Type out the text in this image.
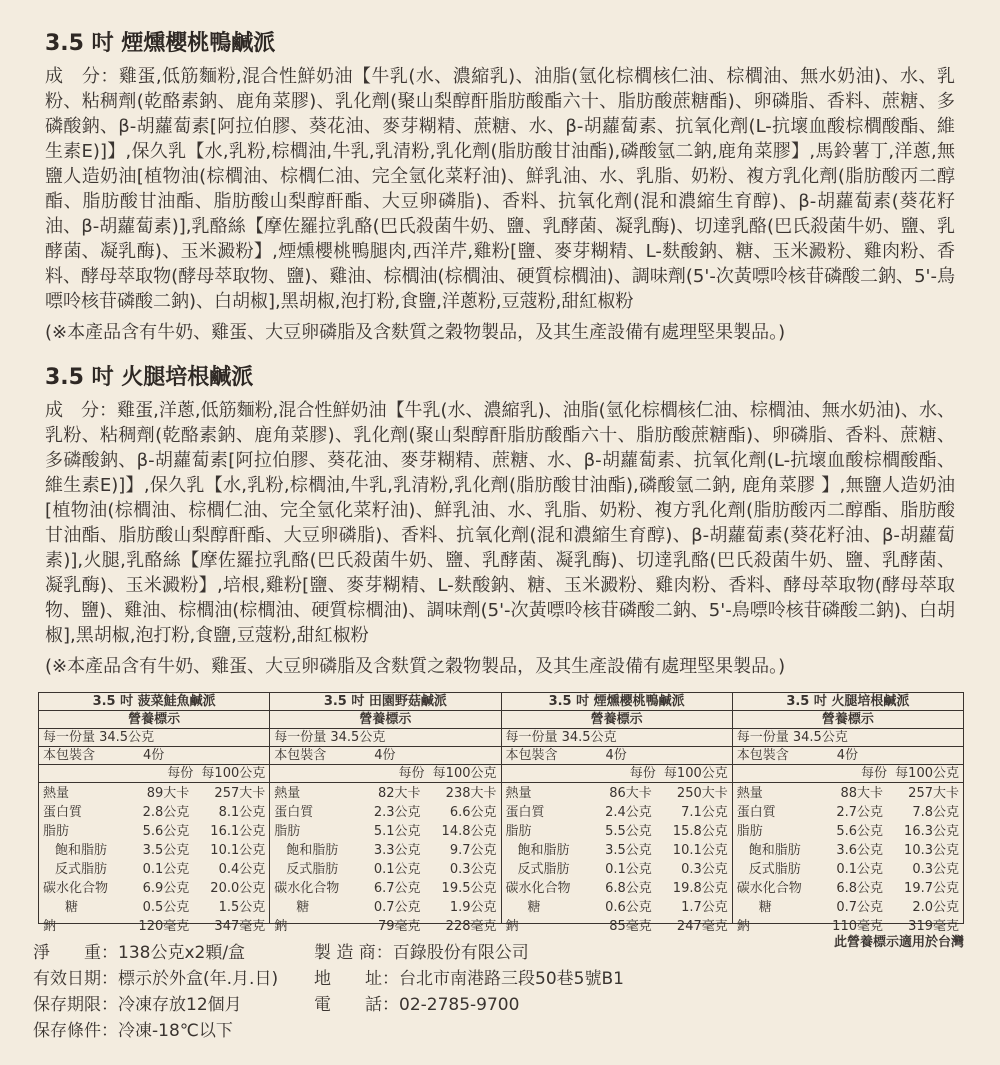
3.5 吋 煙燻櫻桃鴨鹹派

成　分：雞蛋,低筋麵粉,混合性鮮奶油【牛乳(水、濃縮乳)、油脂(氫化棕櫚核仁油、棕櫚油、無水奶油)、水、乳粉、粘稠劑(乾酪素鈉、鹿角菜膠)、乳化劑(聚山梨醇酐脂肪酸酯六十、脂肪酸蔗糖酯)、卵磷脂、香料、蔗糖、多磷酸鈉、β-胡蘿蔔素[阿拉伯膠、葵花油、麥芽糊精、蔗糖、水、β-胡蘿蔔素、抗氧化劑(L-抗壞血酸棕櫚酸酯、維生素E)]】,保久乳【水,乳粉,棕櫚油,牛乳,乳清粉,乳化劑(脂肪酸甘油酯),磷酸氫二鈉,鹿角菜膠】,馬鈴薯丁,洋蔥,無鹽人造奶油[植物油(棕櫚油、棕櫚仁油、完全氫化菜籽油)、鮮乳油、水、乳脂、奶粉、複方乳化劑(脂肪酸丙二醇酯、脂肪酸甘油酯、脂肪酸山梨醇酐酯、大豆卵磷脂)、香料、抗氧化劑(混和濃縮生育醇)、β-胡蘿蔔素(葵花籽油、β-胡蘿蔔素)],乳酪絲【摩佐羅拉乳酪(巴氏殺菌牛奶、鹽、乳酵菌、凝乳酶)、切達乳酪(巴氏殺菌牛奶、鹽、乳酵菌、凝乳酶)、玉米澱粉】,煙燻櫻桃鴨腿肉,西洋芹,雞粉[鹽、麥芽糊精、L-麩酸鈉、糖、玉米澱粉、雞肉粉、香料、酵母萃取物(酵母萃取物、鹽)、雞油、棕櫚油(棕櫚油、硬質棕櫚油)、調味劑(5'-次黃嘌呤核苷磷酸二鈉、5'-鳥嘌呤核苷磷酸二鈉)、白胡椒],黑胡椒,泡打粉,食鹽,洋蔥粉,豆蔻粉,甜紅椒粉

(※本產品含有牛奶、雞蛋、大豆卵磷脂及含麩質之穀物製品，及其生產設備有處理堅果製品。)

3.5 吋 火腿培根鹹派

成　分：雞蛋,洋蔥,低筋麵粉,混合性鮮奶油【牛乳(水、濃縮乳)、油脂(氫化棕櫚核仁油、棕櫚油、無水奶油)、水、乳粉、粘稠劑(乾酪素鈉、鹿角菜膠)、乳化劑(聚山梨醇酐脂肪酸酯六十、脂肪酸蔗糖酯)、卵磷脂、香料、蔗糖、多磷酸鈉、β-胡蘿蔔素[阿拉伯膠、葵花油、麥芽糊精、蔗糖、水、β-胡蘿蔔素、抗氧化劑(L-抗壞血酸棕櫚酸酯、維生素E)]】,保久乳【水,乳粉,棕櫚油,牛乳,乳清粉,乳化劑(脂肪酸甘油酯),磷酸氫二鈉, 鹿角菜膠 】,無鹽人造奶油[植物油(棕櫚油、棕櫚仁油、完全氫化菜籽油)、鮮乳油、水、乳脂、奶粉、複方乳化劑(脂肪酸丙二醇酯、脂肪酸甘油酯、脂肪酸山梨醇酐酯、大豆卵磷脂)、香料、抗氧化劑(混和濃縮生育醇)、β-胡蘿蔔素(葵花籽油、β-胡蘿蔔素)],火腿,乳酪絲【摩佐羅拉乳酪(巴氏殺菌牛奶、鹽、乳酵菌、凝乳酶)、切達乳酪(巴氏殺菌牛奶、鹽、乳酵菌、凝乳酶)、玉米澱粉】,培根,雞粉[鹽、麥芽糊精、L-麩酸鈉、糖、玉米澱粉、雞肉粉、香料、酵母萃取物(酵母萃取物、鹽)、雞油、棕櫚油(棕櫚油、硬質棕櫚油)、調味劑(5'-次黃嘌呤核苷磷酸二鈉、5'-鳥嘌呤核苷磷酸二鈉)、白胡椒],黑胡椒,泡打粉,食鹽,豆蔻粉,甜紅椒粉

(※本產品含有牛奶、雞蛋、大豆卵磷脂及含麩質之穀物製品，及其生產設備有處理堅果製品。)

3.5 吋 菠菜鮭魚鹹派
營養標示
每一份量 34.5公克
本包裝含	4份
每份 每100公克
熱量	89大卡	257大卡
蛋白質	2.8公克	8.1公克
脂肪	5.6公克	16.1公克
飽和脂肪	3.5公克	10.1公克
反式脂肪	0.1公克	0.4公克
碳水化合物	6.9公克	20.0公克
糖	0.5公克	1.5公克
鈉	120毫克	347毫克
3.5 吋 田園野菇鹹派
營養標示
每一份量 34.5公克
本包裝含	4份
每份 每100公克
熱量	82大卡	238大卡
蛋白質	2.3公克	6.6公克
脂肪	5.1公克	14.8公克
飽和脂肪	3.3公克	9.7公克
反式脂肪	0.1公克	0.3公克
碳水化合物	6.7公克	19.5公克
糖	0.7公克	1.9公克
鈉	79毫克	228毫克
3.5 吋 煙燻櫻桃鴨鹹派
營養標示
每一份量 34.5公克
本包裝含	4份
每份 每100公克
熱量	86大卡	250大卡
蛋白質	2.4公克	7.1公克
脂肪	5.5公克	15.8公克
飽和脂肪	3.5公克	10.1公克
反式脂肪	0.1公克	0.3公克
碳水化合物	6.8公克	19.8公克
糖	0.6公克	1.7公克
鈉	85毫克	247毫克
3.5 吋 火腿培根鹹派
營養標示
每一份量 34.5公克
本包裝含	4份
每份 每100公克
熱量	88大卡	257大卡
蛋白質	2.7公克	7.8公克
脂肪	5.6公克	16.3公克
飽和脂肪	3.6公克	10.3公克
反式脂肪	0.1公克	0.3公克
碳水化合物	6.8公克	19.7公克
糖	0.7公克	2.0公克
鈉	110毫克	319毫克
此營養標示適用於台灣
淨　　重：138公克x2顆/盒
有效日期：標示於外盒(年.月.日)
保存期限：冷凍存放12個月
保存條件：冷凍-18℃以下
製 造 商：百錄股份有限公司
地　　址：台北市南港路三段50巷5號B1
電　　話：02-2785-9700
